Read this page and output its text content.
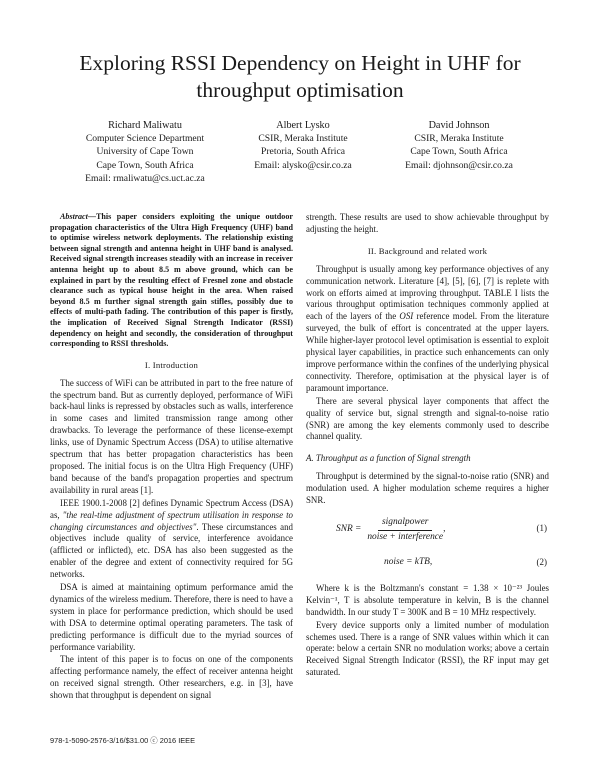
Exploring RSSI Dependency on Height in UHF for throughput optimisation
Richard Maliwatu
Computer Science Department
University of Cape Town
Cape Town, South Africa
Email: rmaliwatu@cs.uct.ac.za
Albert Lysko
CSIR, Meraka Institute
Pretoria, South Africa
Email: alysko@csir.co.za
David Johnson
CSIR, Meraka Institute
Cape Town, South Africa
Email: djohnson@csir.co.za

Abstract—This paper considers exploiting the unique outdoor propagation characteristics of the Ultra High Frequency (UHF) band to optimise wireless network deployments. The relationship existing between signal strength and antenna height in UHF band is analysed. Received signal strength increases steadily with an increase in receiver antenna height up to about 8.5 m above ground, which can be explained in part by the resulting effect of Fresnel zone and obstacle clearance such as typical house height in the area. When raised beyond 8.5 m further signal strength gain stifles, possibly due to effects of multi-path fading. The contribution of this paper is firstly, the implication of Received Signal Strength Indicator (RSSI) dependency on height and secondly, the consideration of throughput corresponding to RSSI thresholds.

I. Introduction

The success of WiFi can be attributed in part to the free nature of the spectrum band. But as currently deployed, performance of WiFi back-haul links is repressed by obstacles such as walls, interference in some cases and limited transmission range among other drawbacks. To leverage the performance of these license-exempt links, use of Dynamic Spectrum Access (DSA) to utilise alternative spectrum that has better propagation characteristics has been proposed. The initial focus is on the Ultra High Frequency (UHF) band because of the band's propagation properties and spectrum availability in rural areas [1].

IEEE 1900.1-2008 [2] defines Dynamic Spectrum Access (DSA) as, "the real-time adjustment of spectrum utilisation in response to changing circumstances and objectives". These circumstances and objectives include quality of service, interference avoidance (afflicted or inflicted), etc. DSA has also been suggested as the enabler of the degree and extent of connectivity required for 5G networks.

DSA is aimed at maintaining optimum performance amid the dynamics of the wireless medium. Therefore, there is need to have a system in place for performance prediction, which should be used with DSA to determine optimal operating parameters. The task of predicting performance is difficult due to the myriad sources of performance variability.

The intent of this paper is to focus on one of the components affecting performance namely, the effect of receiver antenna height on received signal strength. Other researchers, e.g. in [3], have shown that throughput is dependent on signal

strength. These results are used to show achievable throughput by adjusting the height.

II. Background and related work

Throughput is usually among key performance objectives of any communication network. Literature [4], [5], [6], [7] is replete with work on efforts aimed at improving throughput. TABLE I lists the various throughput optimisation techniques commonly applied at each of the layers of the OSI reference model. From the literature surveyed, the bulk of effort is concentrated at the upper layers. While higher-layer protocol level optimisation is essential to exploit physical layer capabilities, in practice such enhancements can only improve performance within the confines of the underlying physical connectivity. Therefore, optimisation at the physical layer is of paramount importance.

There are several physical layer components that affect the quality of service but, signal strength and signal-to-noise ratio (SNR) are among the key elements commonly used to describe channel quality.

A. Throughput as a function of Signal strength

Throughput is determined by the signal-to-noise ratio (SNR) and modulation used. A higher modulation scheme requires a higher SNR.

SNR = $\frac{\text{signalpower}}{\text{noise + interference}}$ ,	(1)
noise = kTB,	(2)

Where k is the Boltzmann's constant = 1.38 × 10⁻²³ Joules Kelvin⁻¹, T is absolute temperature in kelvin, B is the channel bandwidth. In our study T = 300K and B = 10 MHz respectively.

Every device supports only a limited number of modulation schemes used. There is a range of SNR values within which it can operate: below a certain SNR no modulation works; above a certain Received Signal Strength Indicator (RSSI), the RF input may get saturated.

978-1-5090-2576-3/16/$31.00 ⓒ 2016 IEEE
